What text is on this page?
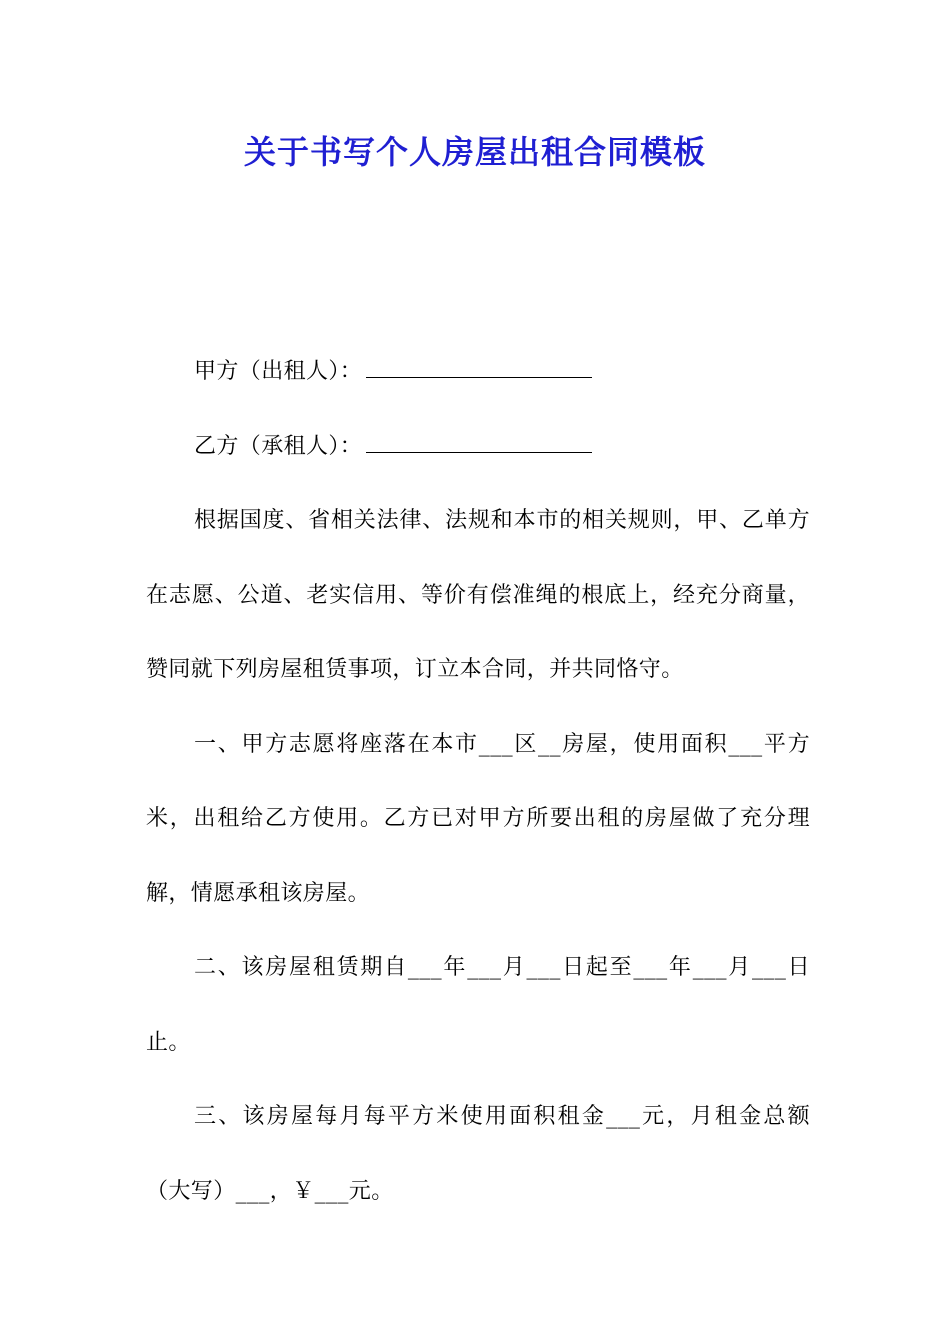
关于书写个人房屋出租合同模板

甲方（出租人）：

乙方（承租人）：

根据国度、省相关法律、法规和本市的相关规则，甲、乙单方在志愿、公道、老实信用、等价有偿准绳的根底上，经充分商量，赞同就下列房屋租赁事项，订立本合同，并共同恪守。

一、甲方志愿将座落在本市___区__房屋，使用面积___平方米，出租给乙方使用。乙方已对甲方所要出租的房屋做了充分理解，情愿承租该房屋。

二、该房屋租赁期自___年___月___日起至___年___月___日止。

三、该房屋每月每平方米使用面积租金___元，月租金总额（大写）___，￥___元。
